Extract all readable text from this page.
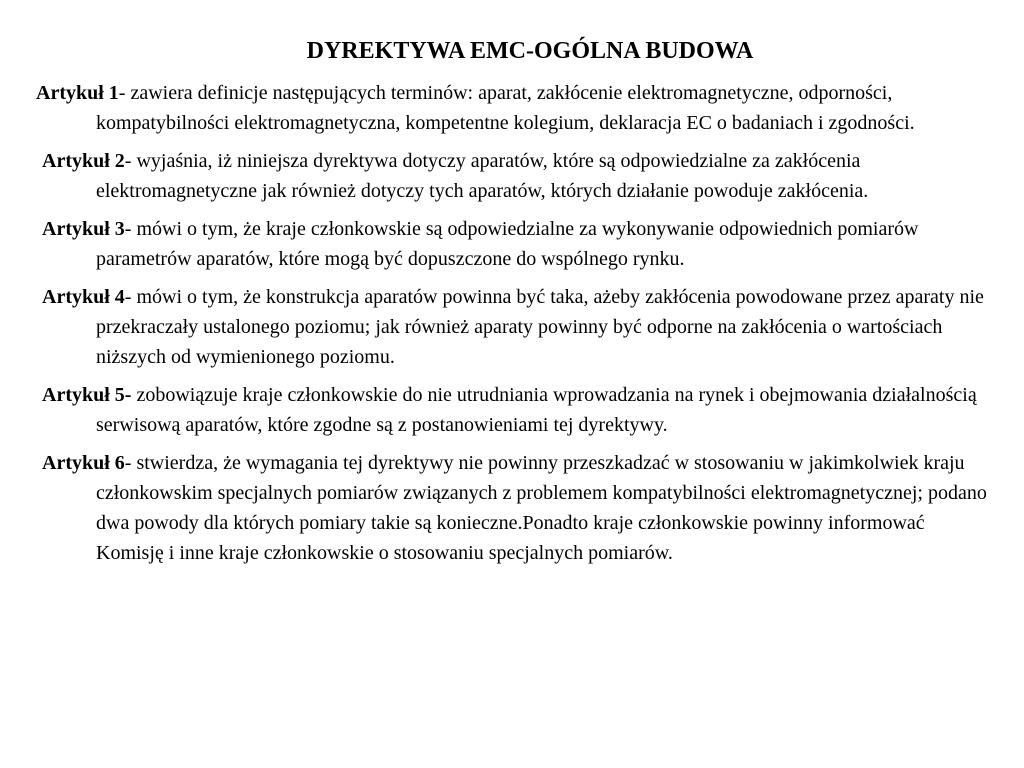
DYREKTYWA EMC-OGÓLNA BUDOWA
Artykuł 1- zawiera definicje następujących terminów: aparat, zakłócenie elektromagnetyczne, odporności, kompatybilności elektromagnetyczna, kompetentne kolegium, deklaracja EC o badaniach i zgodności.
Artykuł 2- wyjaśnia, iż niniejsza dyrektywa dotyczy aparatów, które są odpowiedzialne za zakłócenia elektromagnetyczne jak również dotyczy tych aparatów, których działanie powoduje zakłócenia.
Artykuł 3- mówi o tym, że kraje członkowskie są odpowiedzialne za wykonywanie odpowiednich pomiarów parametrów aparatów, które mogą być dopuszczone do wspólnego rynku.
Artykuł 4- mówi o tym, że konstrukcja aparatów powinna być taka, ażeby zakłócenia powodowane przez aparaty nie przekraczały ustalonego poziomu; jak również aparaty powinny być odporne na zakłócenia o wartościach niższych od wymienionego poziomu.
Artykuł 5- zobowiązuje kraje członkowskie do nie utrudniania wprowadzania na rynek i obejmowania działalnością serwisową aparatów, które zgodne są z postanowieniami tej dyrektywy.
Artykuł 6- stwierdza, że wymagania tej dyrektywy nie powinny przeszkadzać w stosowaniu w jakimkolwiek kraju członkowskim specjalnych pomiarów związanych z problemem kompatybilności elektromagnetycznej; podano dwa powody dla których pomiary takie są konieczne.Ponadto kraje członkowskie powinny informować Komisję i inne kraje członkowskie o stosowaniu specjalnych pomiarów.
